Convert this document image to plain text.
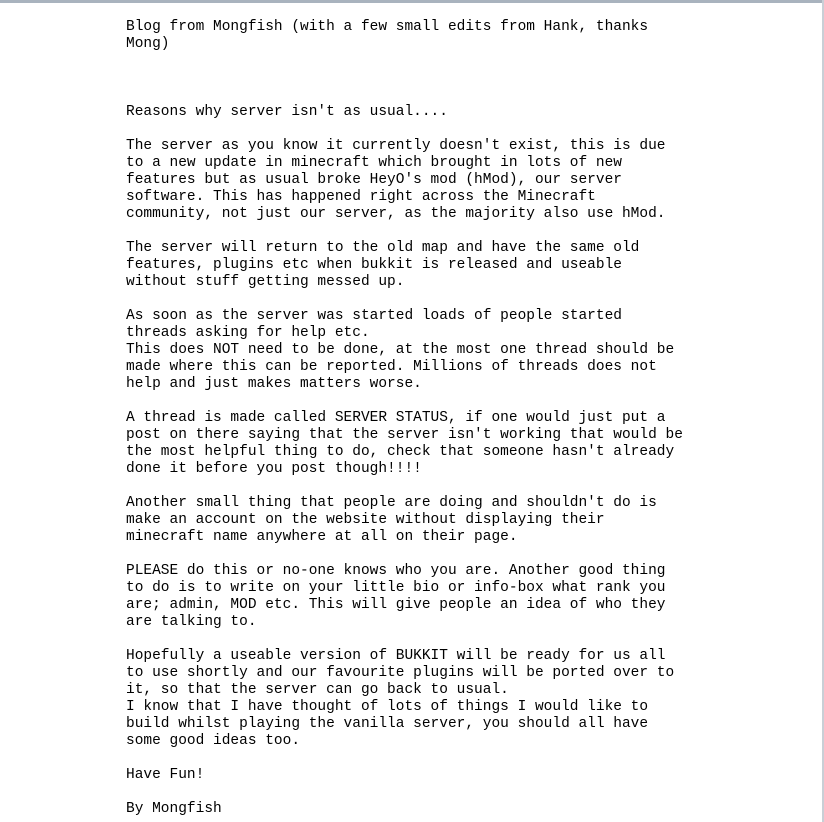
Blog from Mongfish (with a few small edits from Hank, thanks
Mong)
Reasons why server isn't as usual....
The server as you know it currently doesn't exist, this is due
to a new update in minecraft which brought in lots of new
features but as usual broke HeyO's mod (hMod), our server
software. This has happened right across the Minecraft
community, not just our server, as the majority also use hMod.
The server will return to the old map and have the same old
features, plugins etc when bukkit is released and useable
without stuff getting messed up.
As soon as the server was started loads of people started
threads asking for help etc.
This does NOT need to be done, at the most one thread should be
made where this can be reported. Millions of threads does not
help and just makes matters worse.
A thread is made called SERVER STATUS, if one would just put a
post on there saying that the server isn't working that would be
the most helpful thing to do, check that someone hasn't already
done it before you post though!!!!
Another small thing that people are doing and shouldn't do is
make an account on the website without displaying their
minecraft name anywhere at all on their page.
PLEASE do this or no-one knows who you are. Another good thing
to do is to write on your little bio or info-box what rank you
are; admin, MOD etc. This will give people an idea of who they
are talking to.
Hopefully a useable version of BUKKIT will be ready for us all
to use shortly and our favourite plugins will be ported over to
it, so that the server can go back to usual.
I know that I have thought of lots of things I would like to
build whilst playing the vanilla server, you should all have
some good ideas too.
Have Fun!
By Mongfish
